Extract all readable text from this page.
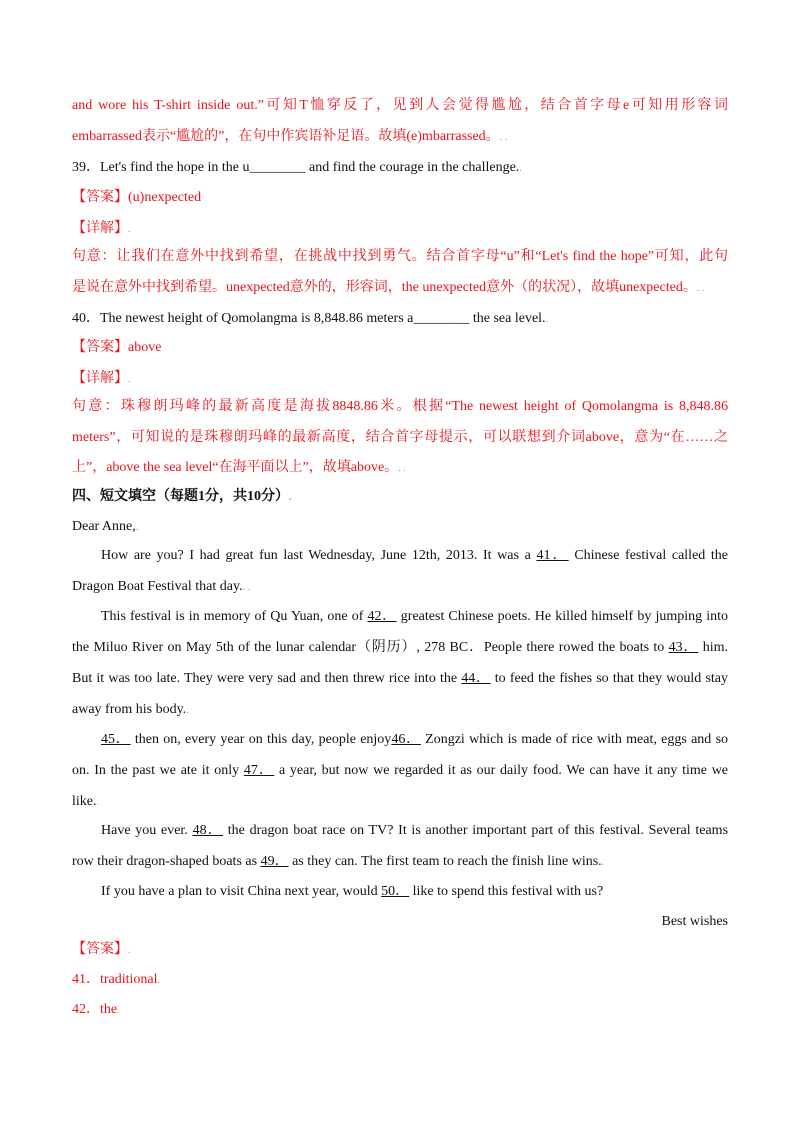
and wore his T-shirt inside out.”可知T恤穿反了，见到人会觉得尴尬，结合首字母e可知用形容词
embarrassed表示“尴尬的”，在句中作宾语补足语。故填(e)mbarrassed。. .
39．Let's find the hope in the u________ and find the courage in the challenge..
【答案】(u)nexpected
【详解】.
句意：让我们在意外中找到希望，在挑战中找到勇气。结合首字母“u”和“Let's find the hope”可知，此句
是说在意外中找到希望。unexpected意外的，形容词，the unexpected意外（的状况），故填unexpected。. .
40．The newest height of Qomolangma is 8,848.86 meters a________ the sea level..
【答案】above
【详解】.
句意：珠穆朗玛峰的最新高度是海拔8848.86米。根据“The newest height of Qomolangma is 8,848.86
meters”，可知说的是珠穆朗玛峰的最新高度，结合首字母提示，可以联想到介词above，意为“在……之
上”，above the sea level“在海平面以上”，故填above。. .
四、短文填空（每题1分，共10分）.
Dear Anne,.
How are you? I had great fun last Wednesday, June 12th, 2013. It was a 41． Chinese festival called the
Dragon Boat Festival that day.. .
This festival is in memory of Qu Yuan, one of 42． greatest Chinese poets. He killed himself by jumping into
the Miluo River on May 5th of the lunar calendar（阴历）, 278 BC．People there rowed the boats to 43． him.
But it was too late. They were very sad and then threw rice into the 44． to feed the fishes so that they would stay
away from his body..
45． then on, every year on this day, people enjoy46． Zongzi which is made of rice with meat, eggs and so
on. In the past we ate it only 47． a year, but now we regarded it as our daily food. We can have it any time we
like..
Have you ever. 48． the dragon boat race on TV? It is another important part of this festival. Several teams
row their dragon-shaped boats as 49． as they can. The first team to reach the finish line wins..
If you have a plan to visit China next year, would 50． like to spend this festival with us?
Best wishes
【答案】.
41．traditional.
42．the.
